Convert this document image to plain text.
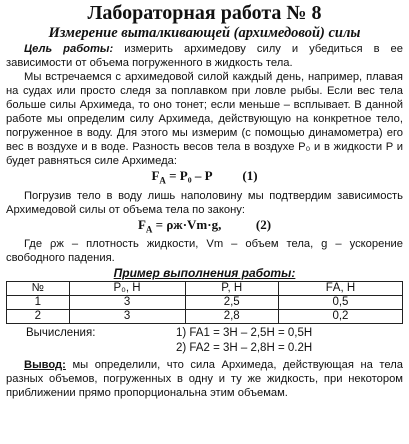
Лабораторная работа № 8
Измерение выталкивающей (архимедовой) силы

Цель работы: измерить архимедову силу и убедиться в ее зависимости от объема погруженного в жидкость тела.

Мы встречаемся с архимедовой силой каждый день, например, плавая на судах или просто следя за поплавком при ловле рыбы. Если вес тела больше силы Архимеда, то оно тонет; если меньше – всплывает. В данной работе мы определим силу Архимеда, действующую на конкретное тело, погруженное в воду. Для этого мы измерим (с помощью динамометра) его вес в воздухе и в воде. Разность весов тела в воздухе P₀ и в жидкости P и будет равняться силе Архимеда:

$F_A = P_0 - P$ (1)

Погрузив тело в воду лишь наполовину мы подтвердим зависимость Архимедовой силы от объема тела по закону:

$F_A = \rho ж\cdot Vm\cdot g$,	(2)

Где ρж – плотность жидкости, Vm – объем тела, g – ускорение свободного падения.

Пример выполнения работы:
№	P₀, Н	P, Н	FА, Н
1	3	2,5	0,5
2	3	2,8	0,2
Вычисления:	1) FA1 = 3H – 2,5H = 0,5H
2) FA2 = 3H – 2,8H = 0.2H

Вывод: мы определили, что сила Архимеда, действующая на тела разных объемов, погруженных в одну и ту же жидкость, при некотором приближении прямо пропорциональна этим объемам.
